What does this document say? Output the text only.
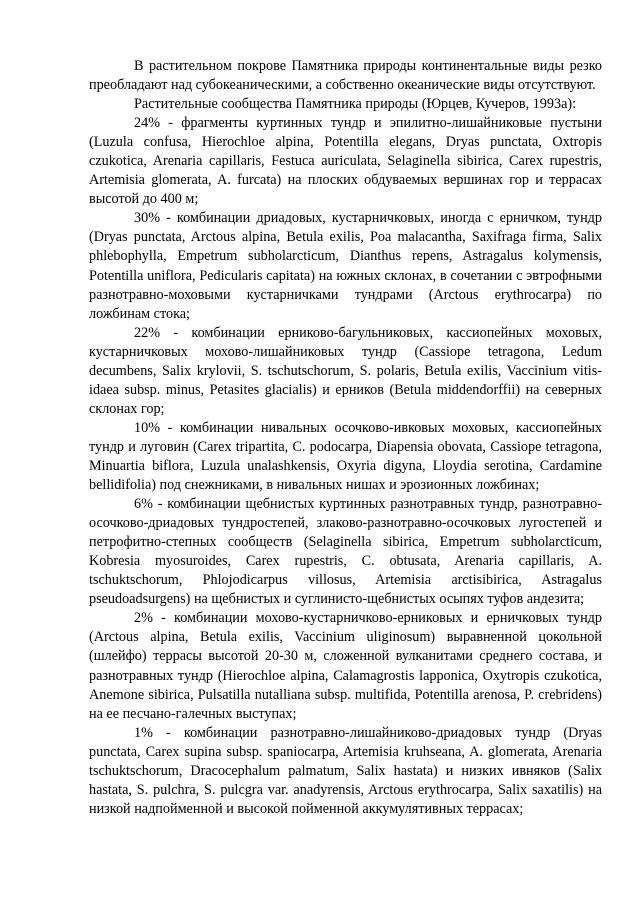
В растительном покрове Памятника природы континентальные виды резко преобладают над субокеаническими, а собственно океанические виды отсутствуют.

Растительные сообщества Памятника природы (Юрцев, Кучеров, 1993а):

24% - фрагменты куртинных тундр и эпилитно-лишайниковые пустыни (Luzula confusa, Hierochloe alpina, Potentilla elegans, Dryas punctata, Oxtropis czukotica, Arenaria capillaris, Festuca auriculata, Selaginella sibirica, Carex rupestris, Artemisia glomerata, A. furcata) на плоских обдуваемых вершинах гор и террасах высотой до 400 м;

30% - комбинации дриадовых, кустарничковых, иногда с ерничком, тундр (Dryas punctata, Arctous alpina, Betula exilis, Poa malacantha, Saxifraga firma, Salix phlebophylla, Empetrum subholarcticum, Dianthus repens, Astragalus kolymensis, Potentilla uniflora, Pedicularis capitata) на южных склонах, в сочетании с эвтрофными разнотравно-моховыми кустарничками тундрами (Arctous erythrocarpa) по ложбинам стока;

22% - комбинации ерниково-багульниковых, кассиопейных моховых, кустарничковых мохово-лишайниковых тундр (Cassiope tetragona, Ledum decumbens, Salix krylovii, S. tschutschorum, S. polaris, Betula exilis, Vaccinium vitis-idaea subsp. minus, Petasites glacialis) и ерников (Betula middendorffii) на северных склонах гор;

10% - комбинации нивальных осочково-ивковых моховых, кассиопейных тундр и луговин (Carex tripartita, C. podocarpa, Diapensia obovata, Cassiope tetragona, Minuartia biflora, Luzula unalashkensis, Oxyria digyna, Lloydia serotina, Cardamine bellidifolia) под снежниками, в нивальных нишах и эрозионных ложбинах;

6% - комбинации щебнистых куртинных разнотравных тундр, разнотравно-осочково-дриадовых тундростепей, злаково-разнотравно-осочковых лугостепей и петрофитно-степных сообществ (Selaginella sibirica, Empetrum subholarcticum, Kobresia myosuroides, Carex rupestris, C. obtusata, Arenaria capillaris, A. tschuktschorum, Phlojodicarpus villosus, Artemisia arctisibirica, Astragalus pseudoadsurgens) на щебнистых и суглинисто-щебнистых осыпях туфов андезита;

2% - комбинации мохово-кустарничково-ерниковых и ерничковых тундр (Arctous alpina, Betula exilis, Vaccinium uliginosum) выравненной цокольной (шлейфо) террасы высотой 20-30 м, сложенной вулканитами среднего состава, и разнотравных тундр (Hierochloe alpina, Calamagrostis lapponica, Oxytropis czukotica, Anemone sibirica, Pulsatilla nutalliana subsp. multifida, Potentilla arenosa, P. crebridens) на ее песчано-галечных выступах;

1% - комбинации разнотравно-лишайниково-дриадовых тундр (Dryas punctata, Carex supina subsp. spaniocarpa, Artemisia kruhseana, A. glomerata, Arenaria tschuktschorum, Dracocephalum palmatum, Salix hastata) и низких ивняков (Salix hastata, S. pulchra, S. pulcgra var. anadyrensis, Arctous erythrocarpa, Salix saxatilis) на низкой надпойменной и высокой пойменной аккумулятивных террасах;
